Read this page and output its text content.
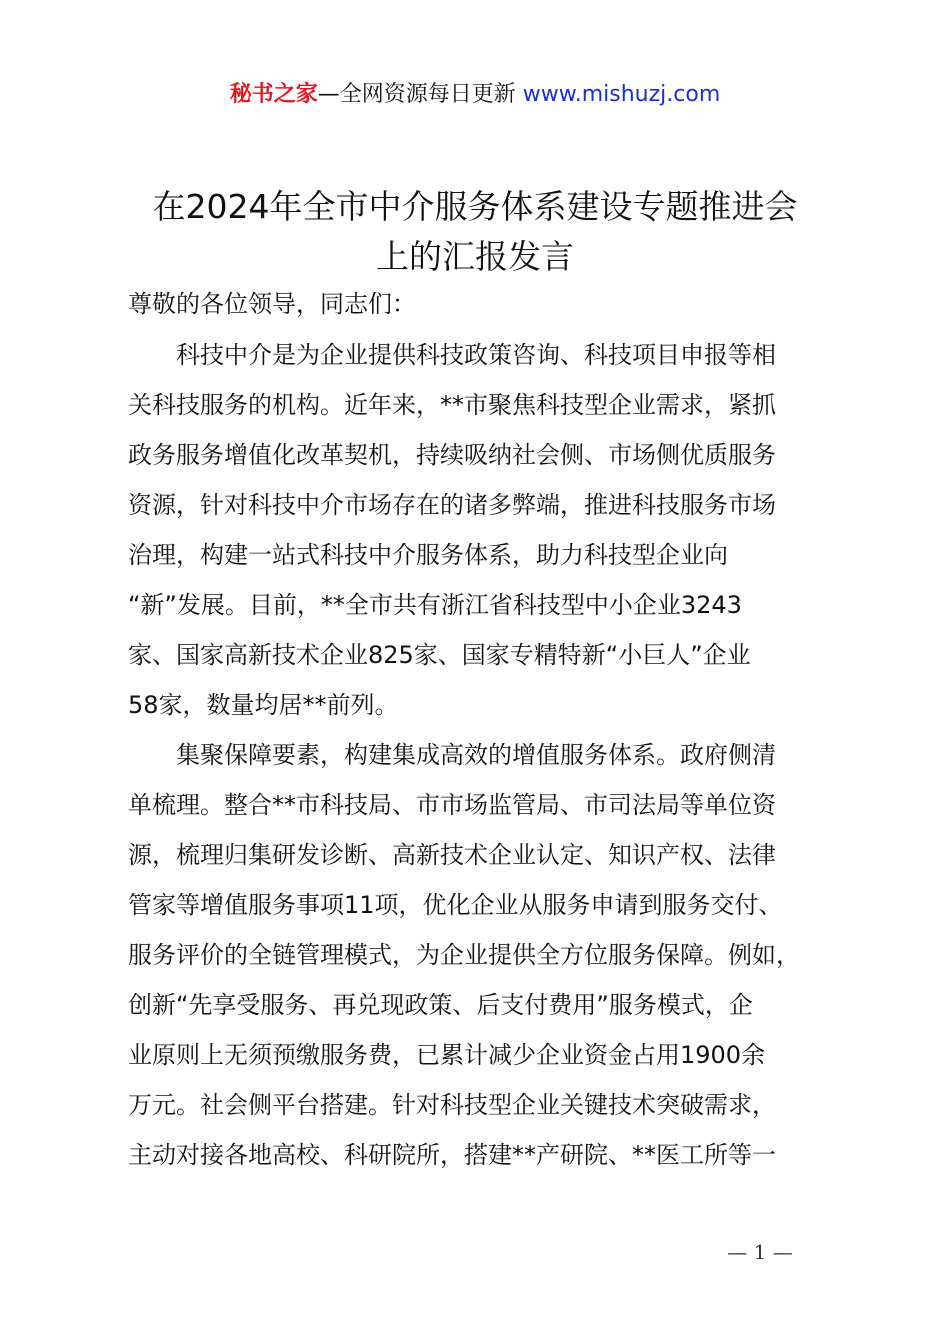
秘书之家—全网资源每日更新 www.mishuzj.com
在2024年全市中介服务体系建设专题推进会
上的汇报发言
尊敬的各位领导，同志们：
　　科技中介是为企业提供科技政策咨询、科技项目申报等相
关科技服务的机构。近年来，**市聚焦科技型企业需求，紧抓
政务服务增值化改革契机，持续吸纳社会侧、市场侧优质服务
资源，针对科技中介市场存在的诸多弊端，推进科技服务市场
治理，构建一站式科技中介服务体系，助力科技型企业向
“新”发展。目前，**全市共有浙江省科技型中小企业3243
家、国家高新技术企业825家、国家专精特新“小巨人”企业
58家，数量均居**前列。
　　集聚保障要素，构建集成高效的增值服务体系。政府侧清
单梳理。整合**市科技局、市市场监管局、市司法局等单位资
源，梳理归集研发诊断、高新技术企业认定、知识产权、法律
管家等增值服务事项11项，优化企业从服务申请到服务交付、
服务评价的全链管理模式，为企业提供全方位服务保障。例如，
创新“先享受服务、再兑现政策、后支付费用”服务模式，企
业原则上无须预缴服务费，已累计减少企业资金占用1900余
万元。社会侧平台搭建。针对科技型企业关键技术突破需求，
主动对接各地高校、科研院所，搭建**产研院、**医工所等一
— 1 —
